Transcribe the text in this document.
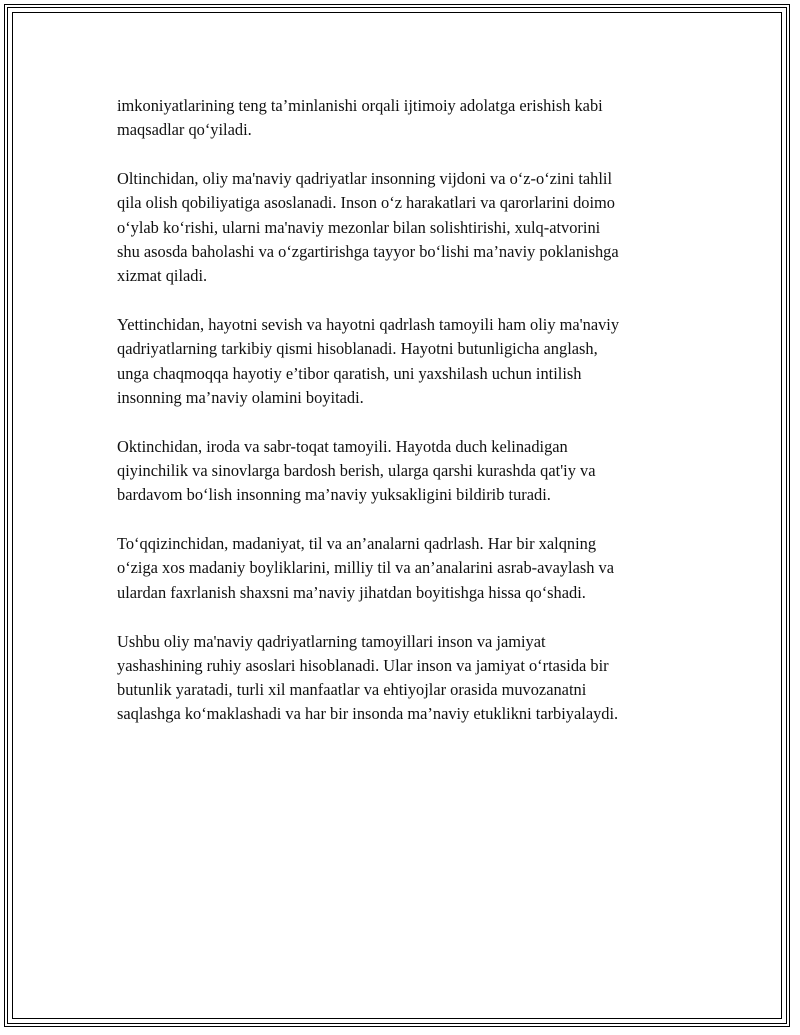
imkoniyatlarining teng ta’minlanishi orqali ijtimoiy adolatga erishish kabi
maqsadlar qo‘yiladi.

Oltinchidan, oliy ma'naviy qadriyatlar insonning vijdoni va o‘z-o‘zini tahlil
qila olish qobiliyatiga asoslanadi. Inson o‘z harakatlari va qarorlarini doimo
o‘ylab ko‘rishi, ularni ma'naviy mezonlar bilan solishtirishi, xulq-atvorini
shu asosda baholashi va o‘zgartirishga tayyor bo‘lishi ma’naviy poklanishga
xizmat qiladi.

Yettinchidan, hayotni sevish va hayotni qadrlash tamoyili ham oliy ma'naviy
qadriyatlarning tarkibiy qismi hisoblanadi. Hayotni butunligicha anglash,
unga chaqmoqqa hayotiy e’tibor qaratish, uni yaxshilash uchun intilish
insonning ma’naviy olamini boyitadi.

Oktinchidan, iroda va sabr-toqat tamoyili. Hayotda duch kelinadigan
qiyinchilik va sinovlarga bardosh berish, ularga qarshi kurashda qat'iy va
bardavom bo‘lish insonning ma’naviy yuksakligini bildirib turadi.

To‘qqizinchidan, madaniyat, til va an’analarni qadrlash. Har bir xalqning
o‘ziga xos madaniy boyliklarini, milliy til va an’analarini asrab-avaylash va
ulardan faxrlanish shaxsni ma’naviy jihatdan boyitishga hissa qo‘shadi.

Ushbu oliy ma'naviy qadriyatlarning tamoyillari inson va jamiyat
yashashining ruhiy asoslari hisoblanadi. Ular inson va jamiyat o‘rtasida bir
butunlik yaratadi, turli xil manfaatlar va ehtiyojlar orasida muvozanatni
saqlashga ko‘maklashadi va har bir insonda ma’naviy etuklikni tarbiyalaydi.
